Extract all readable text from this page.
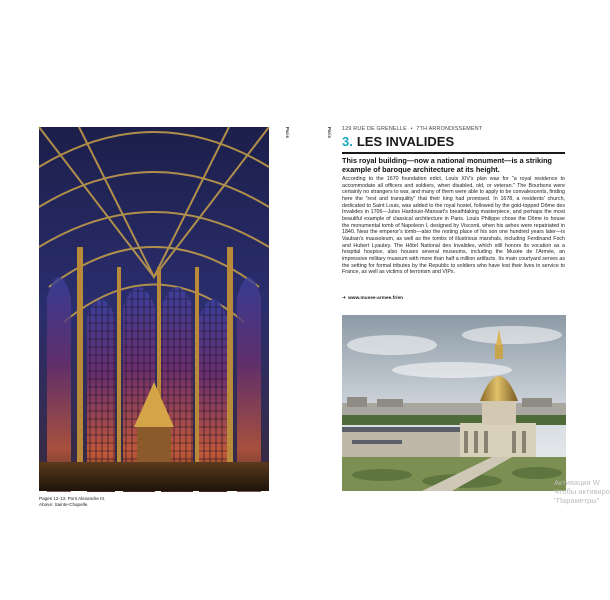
Pages 12-13: Pont Alexandre III.
Above: Sainte-Chapelle.
Paris	Paris 129 RUE DE GRENELLE • 7TH ARRONDISSEMENT
3. LES INVALIDES
This royal building—now a national monument—is a striking example of baroque architecture at its height.
According to the 1670 foundation edict, Louis XIV's plan was for "a royal residence to accommodate all officers and soldiers, when disabled, old, or veteran." The Bourbons were certainly no strangers to war, and many of them were able to apply to be convalescents, finding here the "rest and tranquility" that their king had promised. In 1678, a residents' church, dedicated to Saint Louis, was added to the royal hostel, followed by the gold-topped Dôme des Invalides in 1706—Jules Hardouin-Mansart's breathtaking masterpiece, and perhaps the most beautiful example of classical architecture in Paris. Louis Philippe chose the Dôme to house the monumental tomb of Napoleon I, designed by Visconti, when his ashes were repatriated in 1840. Near the emperor's tomb—also the resting place of his son one hundred years later—is Vauban's mausoleum, as well as the tombs of illustrious marshals, including Ferdinand Foch and Hubert Lyautey. The Hôtel National des Invalides, which still honors its vocation as a hospital hospice, also houses several museums, including the Musée de l'Armée, an impressive military museum with more than half a million artifacts. Its main courtyard serves as the setting for formal tributes by the Republic to soldiers who have lost their lives in service to France, as well as victims of terrorism and VIPs.
➜ www.musee-armee.fr/en
Активация W
Чтобы активиро
"Параметры"
